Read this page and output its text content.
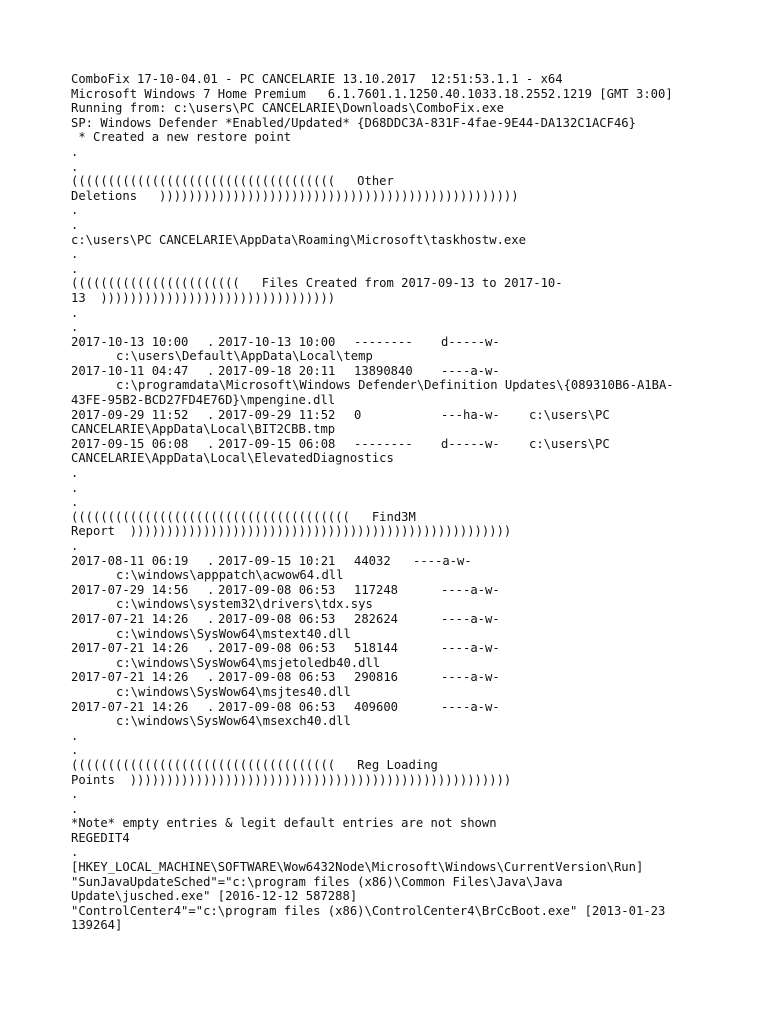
ComboFix 17-10-04.01 - PC CANCELARIE 13.10.2017  12:51:53.1.1 - x64
Microsoft Windows 7 Home Premium   6.1.7601.1.1250.40.1033.18.2552.1219 [GMT 3:00]
Running from: c:\users\PC CANCELARIE\Downloads\ComboFix.exe
SP: Windows Defender *Enabled/Updated* {D68DDC3A-831F-4fae-9E44-DA132C1ACF46}
* Created a new restore point
.
.
((((((((((((((((((((((((((((((((((((   Other
Deletions   )))))))))))))))))))))))))))))))))))))))))))))))))
.
.
c:\users\PC CANCELARIE\AppData\Roaming\Microsoft\taskhostw.exe
.
.
(((((((((((((((((((((((   Files Created from 2017-09-13 to 2017-10-
13  ))))))))))))))))))))))))))))))))
.
.
2017-10-13 10:00	. 2017-10-13 10:00	--------	d-----w-
c:\users\Default\AppData\Local\temp
2017-10-11 04:47	. 2017-09-18 20:11	13890840	----a-w-
c:\programdata\Microsoft\Windows Defender\Definition Updates\{089310B6-A1BA-
43FE-95B2-BCD27FD4E76D}\mpengine.dll
2017-09-29 11:52	. 2017-09-29 11:52	0	---ha-w-	c:\users\PC
CANCELARIE\AppData\Local\BIT2CBB.tmp
2017-09-15 06:08	. 2017-09-15 06:08	--------	d-----w-	c:\users\PC
CANCELARIE\AppData\Local\ElevatedDiagnostics
.
.
.
((((((((((((((((((((((((((((((((((((((   Find3M
Report  ))))))))))))))))))))))))))))))))))))))))))))))))))))
.
2017-08-11 06:19	. 2017-09-15 10:21	44032	----a-w-
c:\windows\apppatch\acwow64.dll
2017-07-29 14:56	. 2017-09-08 06:53	117248	----a-w-
c:\windows\system32\drivers\tdx.sys
2017-07-21 14:26	. 2017-09-08 06:53	282624	----a-w-
c:\windows\SysWow64\mstext40.dll
2017-07-21 14:26	. 2017-09-08 06:53	518144	----a-w-
c:\windows\SysWow64\msjetoledb40.dll
2017-07-21 14:26	. 2017-09-08 06:53	290816	----a-w-
c:\windows\SysWow64\msjtes40.dll
2017-07-21 14:26	. 2017-09-08 06:53	409600	----a-w-
c:\windows\SysWow64\msexch40.dll
.
.
((((((((((((((((((((((((((((((((((((   Reg Loading
Points  ))))))))))))))))))))))))))))))))))))))))))))))))))))
.
.
*Note* empty entries & legit default entries are not shown
REGEDIT4
.
[HKEY_LOCAL_MACHINE\SOFTWARE\Wow6432Node\Microsoft\Windows\CurrentVersion\Run]
"SunJavaUpdateSched"="c:\program files (x86)\Common Files\Java\Java
Update\jusched.exe" [2016-12-12 587288]
"ControlCenter4"="c:\program files (x86)\ControlCenter4\BrCcBoot.exe" [2013-01-23
139264]
